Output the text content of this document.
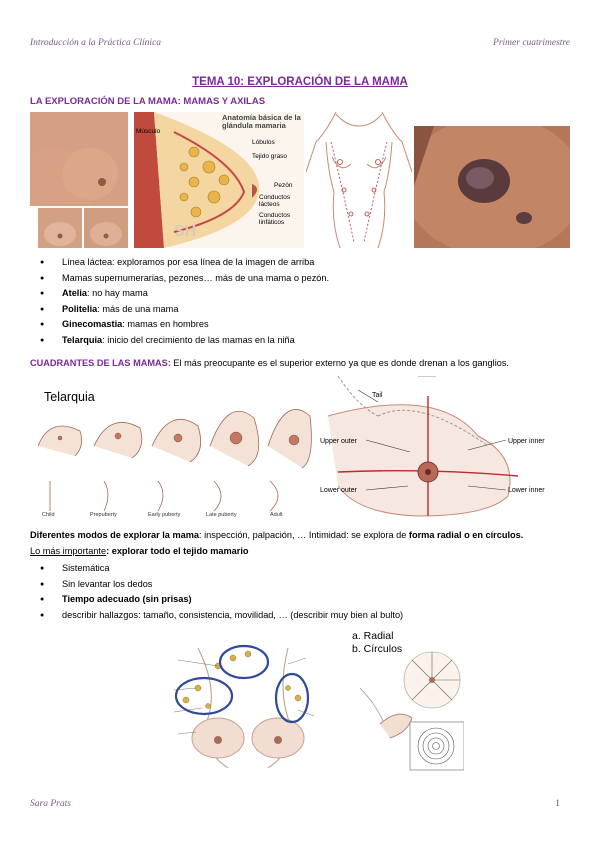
Introducción a la Práctica Clínica	Primer cuatrimestre
TEMA 10: EXPLORACIÓN DE LA MAMA
LA EXPLORACIÓN DE LA MAMA: MAMAS Y AXILAS
SH
Anatomía básica de la
glándula mamaria
Músculo
Lóbulos
Tejido graso
Pezón
Conductos
lácteos
Conductos
linfáticos
● Línea láctea: exploramos por esa línea de la imagen de arriba
● Mamas supernumerarias, pezones… más de una mama o pezón.
● Atelia: no hay mama
● Politelia: más de una mama
● Ginecomastia: mamas en hombres
● Telarquia: inicio del crecimiento de las mamas en la niña
CUADRANTES DE LAS MAMAS: El más preocupante es el superior externo ya que es donde drenan a los ganglios.
Telarquia
Child	Prepuberty	Early puberty	Late puberty	Adult
Tail
Upper outer	Upper inner
Lower outer	Lower inner
Diferentes modos de explorar la mama: inspección, palpación, … Intimidad: se explora de forma radial o en círculos.
Lo más importante: explorar todo el tejido mamario
● Sistemática
● Sin levantar los dedos
● Tiempo adecuado (sin prisas)
● describir hallazgos: tamaño, consistencia, movilidad, … (describir muy bien al bulto)
a. Radial
b. Círculos
Sara Prats	1
